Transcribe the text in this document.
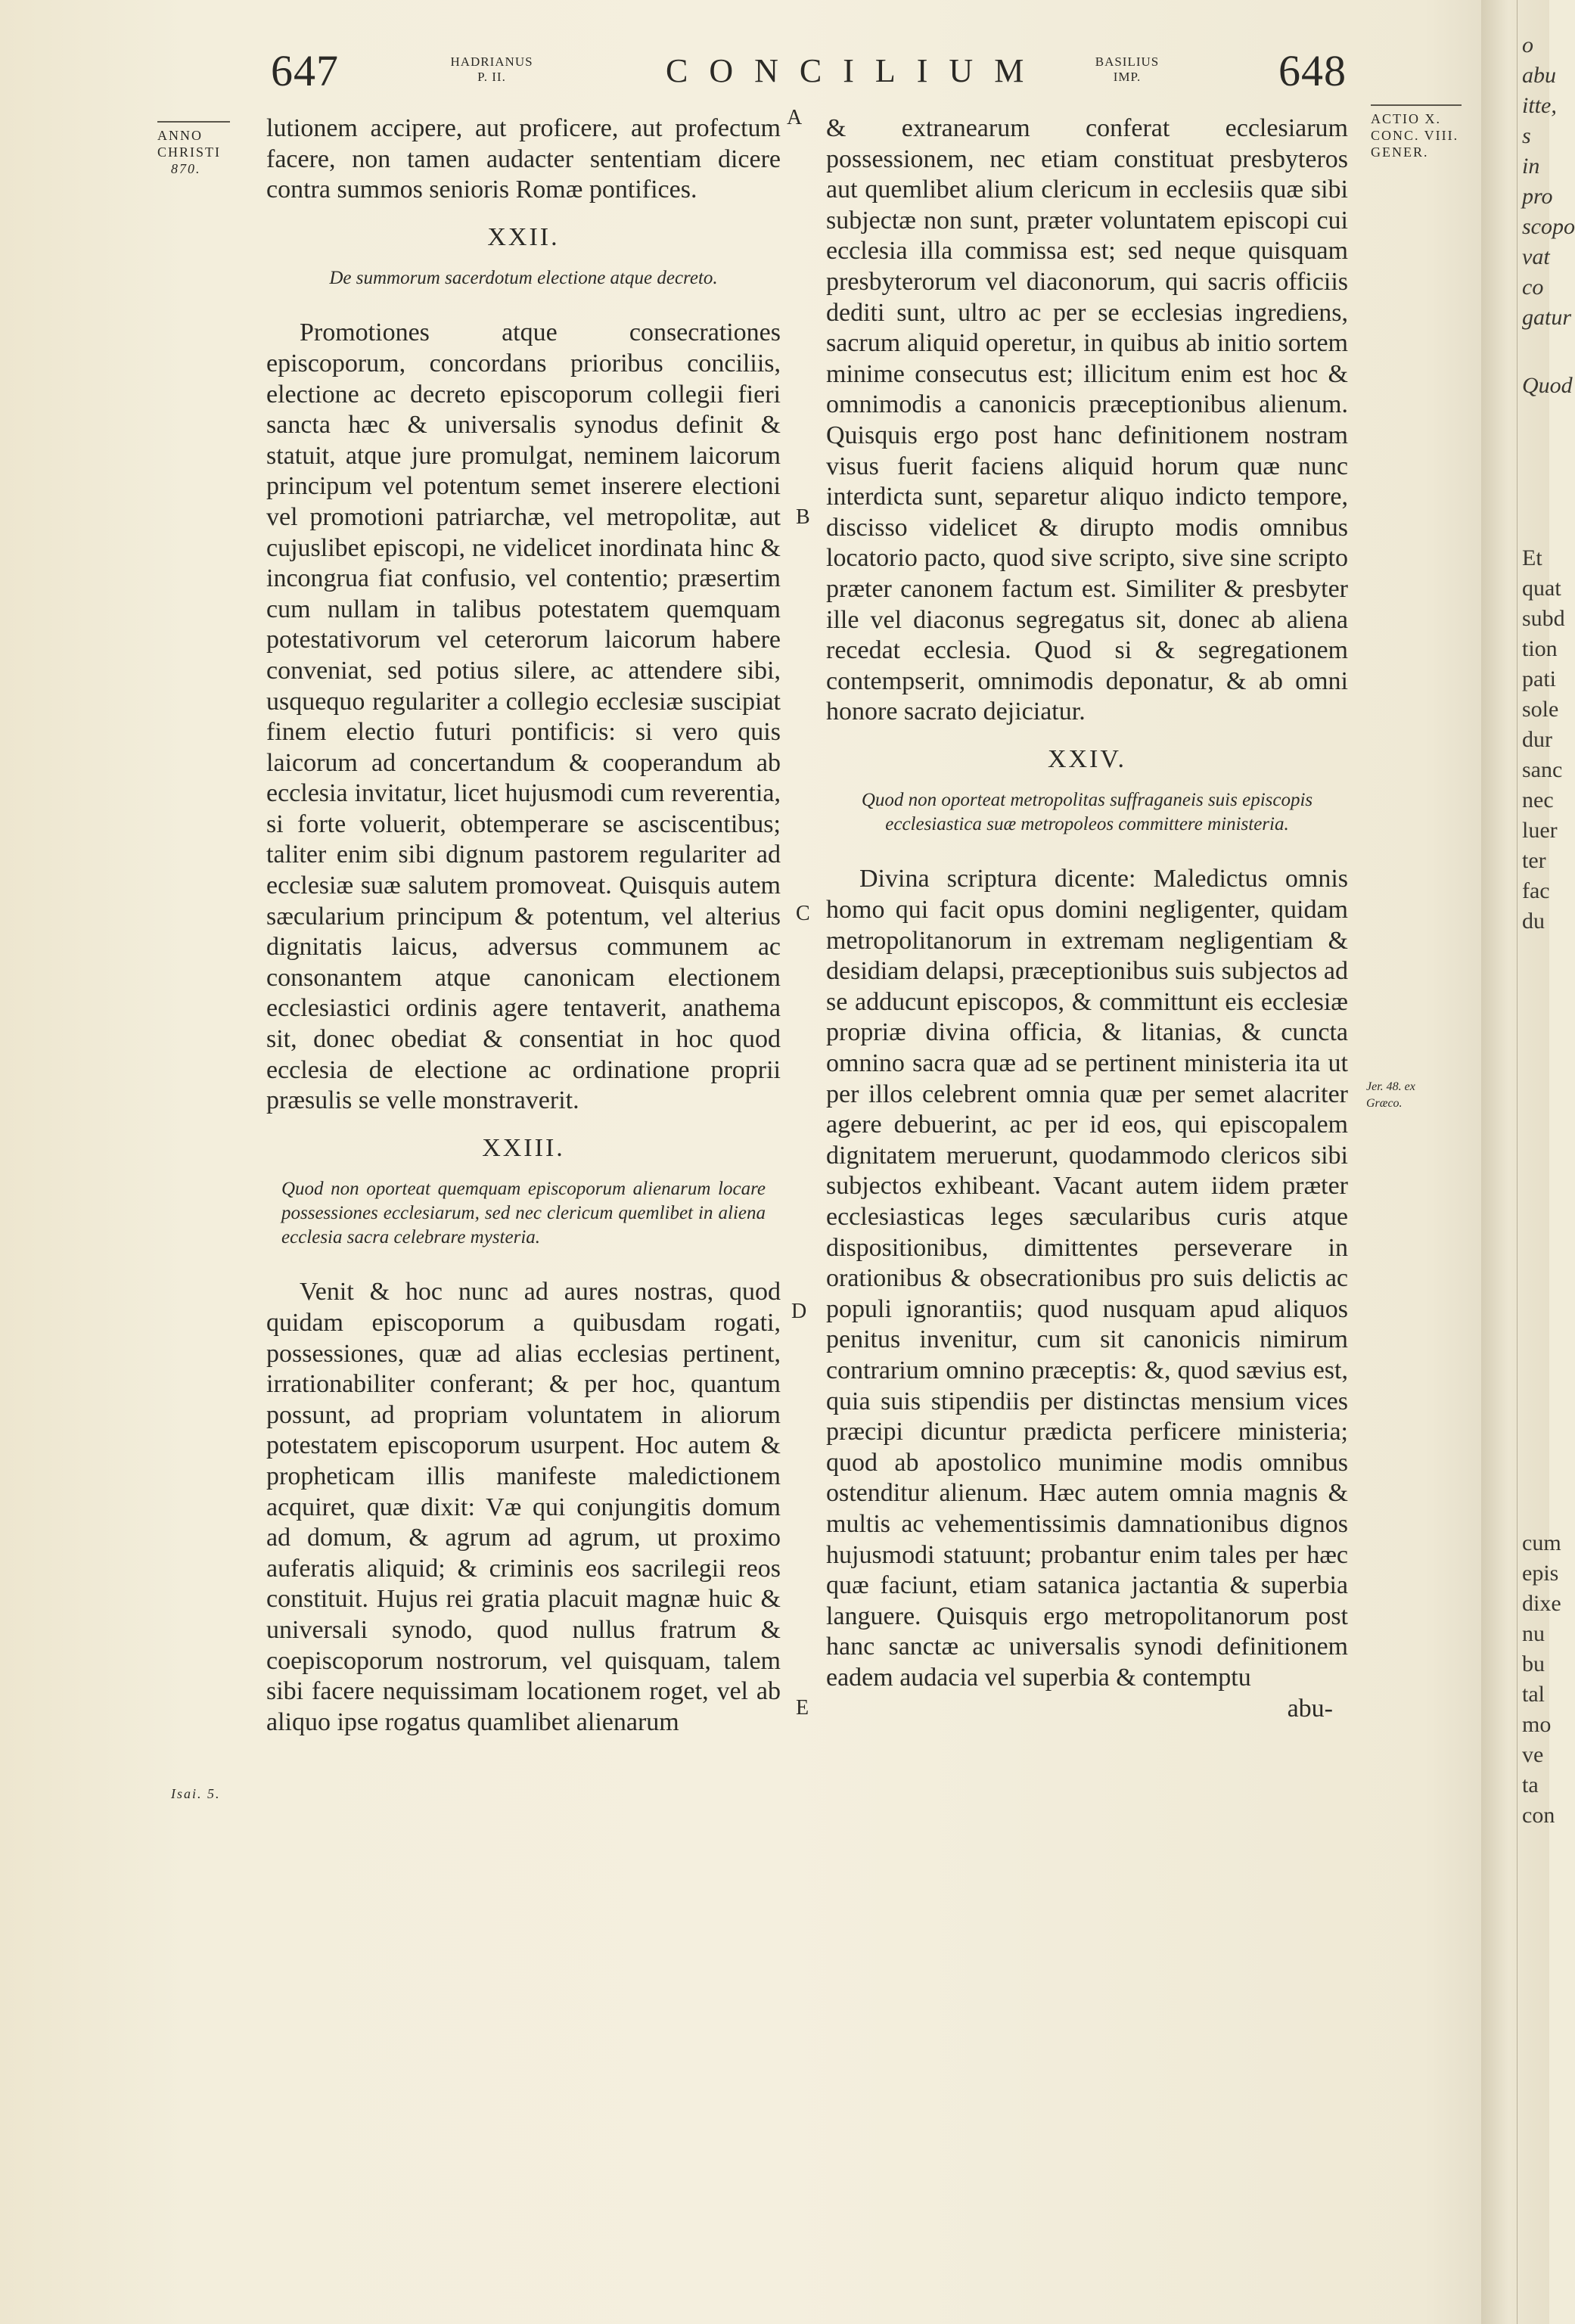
647	HADRIANUS
P. II.	CONCILIUM	BASILIUS
IMP.	648
ANNO
CHRISTI
870.
Isai. 5.
ACTIO X.
CONC. VIII.
GENER.
Jer. 48. ex Græco.
A
B
C
D
E

lutionem accipere, aut proficere, aut profectum facere, non tamen audacter sententiam dicere contra summos senioris Romæ pontifices.

XXII.
De summorum sacerdotum electione atque decreto.

Promotiones atque consecrationes episcoporum, concordans prioribus conciliis, electione ac decreto episcoporum collegii fieri sancta hæc & universalis synodus definit & statuit, atque jure promulgat, neminem laicorum principum vel potentum semet inserere electioni vel promotioni patriarchæ, vel metropolitæ, aut cujuslibet episcopi, ne videlicet inordinata hinc & incongrua fiat confusio, vel contentio; præsertim cum nullam in talibus potestatem quemquam potestativorum vel ceterorum laicorum habere conveniat, sed potius silere, ac attendere sibi, usquequo regulariter a collegio ecclesiæ suscipiat finem electio futuri pontificis: si vero quis laicorum ad concertandum & cooperandum ab ecclesia invitatur, licet hujusmodi cum reverentia, si forte voluerit, obtemperare se asciscentibus; taliter enim sibi dignum pastorem regulariter ad ecclesiæ suæ salutem promoveat. Quisquis autem sæcularium principum & potentum, vel alterius dignitatis laicus, adversus communem ac consonantem atque canonicam electionem ecclesiastici ordinis agere tentaverit, anathema sit, donec obediat & consentiat in hoc quod ecclesia de electione ac ordinatione proprii præsulis se velle monstraverit.

XXIII.
Quod non oporteat quemquam episcoporum alienarum locare possessiones ecclesiarum, sed nec clericum quemlibet in aliena ecclesia sacra celebrare mysteria.

Venit & hoc nunc ad aures nostras, quod quidam episcoporum a quibusdam rogati, possessiones, quæ ad alias ecclesias pertinent, irrationabiliter conferant; & per hoc, quantum possunt, ad propriam voluntatem in aliorum potestatem episcoporum usurpent. Hoc autem & propheticam illis manifeste maledictionem acquiret, quæ dixit: Væ qui conjungitis domum ad domum, & agrum ad agrum, ut proximo auferatis aliquid; & criminis eos sacrilegii reos constituit. Hujus rei gratia placuit magnæ huic & universali synodo, quod nullus fratrum & coepiscoporum nostrorum, vel quisquam, talem sibi facere nequissimam locationem roget, vel ab aliquo ipse rogatus quamlibet alienarum

& extranearum conferat ecclesiarum possessionem, nec etiam constituat presbyteros aut quemlibet alium clericum in ecclesiis quæ sibi subjectæ non sunt, præter voluntatem episcopi cui ecclesia illa commissa est; sed neque quisquam presbyterorum vel diaconorum, qui sacris officiis dediti sunt, ultro ac per se ecclesias ingrediens, sacrum aliquid operetur, in quibus ab initio sortem minime consecutus est; illicitum enim est hoc & omnimodis a canonicis præceptionibus alienum. Quisquis ergo post hanc definitionem nostram visus fuerit faciens aliquid horum quæ nunc interdicta sunt, separetur aliquo indicto tempore, discisso videlicet & dirupto modis omnibus locatorio pacto, quod sive scripto, sive sine scripto præter canonem factum est. Similiter & presbyter ille vel diaconus segregatus sit, donec ab aliena recedat ecclesia. Quod si & segregationem contempserit, omnimodis deponatur, & ab omni honore sacrato dejiciatur.

XXIV.
Quod non oporteat metropolitas suffraganeis suis episcopis ecclesiastica suæ metropoleos committere ministeria.

Divina scriptura dicente: Maledictus omnis homo qui facit opus domini negligenter, quidam metropolitanorum in extremam negligentiam & desidiam delapsi, præceptionibus suis subjectos ad se adducunt episcopos, & committunt eis ecclesiæ propriæ divina officia, & litanias, & cuncta omnino sacra quæ ad se pertinent ministeria ita ut per illos celebrent omnia quæ per semet alacriter agere debuerint, ac per id eos, qui episcopalem dignitatem meruerunt, quodammodo clericos sibi subjectos exhibeant. Vacant autem iidem præter ecclesiasticas leges sæcularibus curis atque dispositionibus, dimittentes perseverare in orationibus & obsecrationibus pro suis delictis ac populi ignorantiis; quod nusquam apud aliquos penitus invenitur, cum sit canonicis nimirum contrarium omnino præceptis: &, quod sævius est, quia suis stipendiis per distinctas mensium vices præcipi dicuntur prædicta perficere ministeria; quod ab apostolico munimine modis omnibus ostenditur alienum. Hæc autem omnia magnis & multis ac vehementissimis damnationibus dignos hujusmodi statuunt; probantur enim tales per hæc quæ faciunt, etiam satanica jactantia & superbia languere. Quisquis ergo metropolitanorum post hanc sanctæ ac universalis synodi definitionem eadem audacia vel superbia & contemptu

abu-
o abu
itte, s
in pro
scopo
vat co
gatur
Quod
Et
quat
subd
tion
pati
sole
dur
sanc
nec
luer
ter
fac
du
cum
epis
dixe
nu
bu
tal
mo
ve
ta
con
